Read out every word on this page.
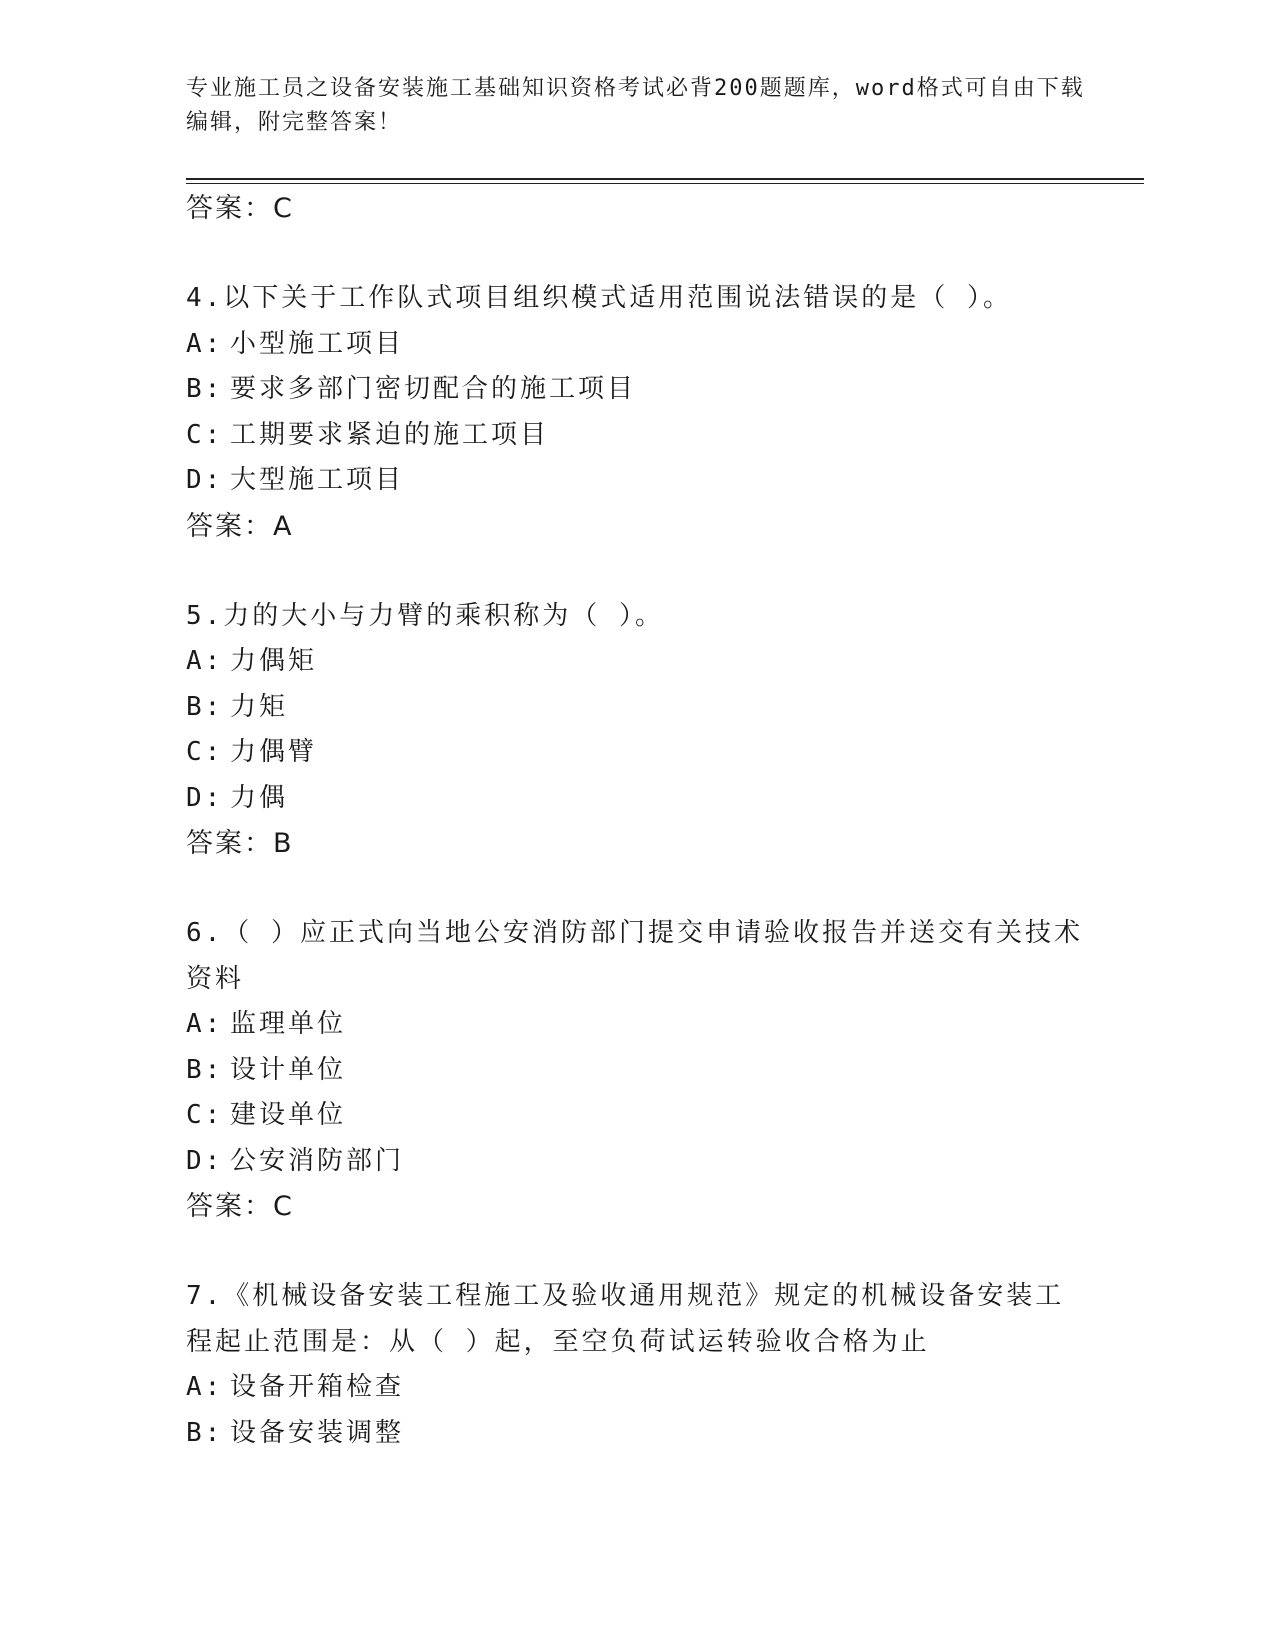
专业施工员之设备安装施工基础知识资格考试必背200题题库，word格式可自由下载编辑，附完整答案！
答案：C
4.以下关于工作队式项目组织模式适用范围说法错误的是（ ）。
A: 小型施工项目
B: 要求多部门密切配合的施工项目
C: 工期要求紧迫的施工项目
D: 大型施工项目
答案：A
5.力的大小与力臂的乘积称为（ ）。
A: 力偶矩
B: 力矩
C: 力偶臂
D: 力偶
答案：B
6.（ ）应正式向当地公安消防部门提交申请验收报告并送交有关技术资料
A: 监理单位
B: 设计单位
C: 建设单位
D: 公安消防部门
答案：C
7.《机械设备安装工程施工及验收通用规范》规定的机械设备安装工程起止范围是：从（ ）起，至空负荷试运转验收合格为止
A: 设备开箱检查
B: 设备安装调整
